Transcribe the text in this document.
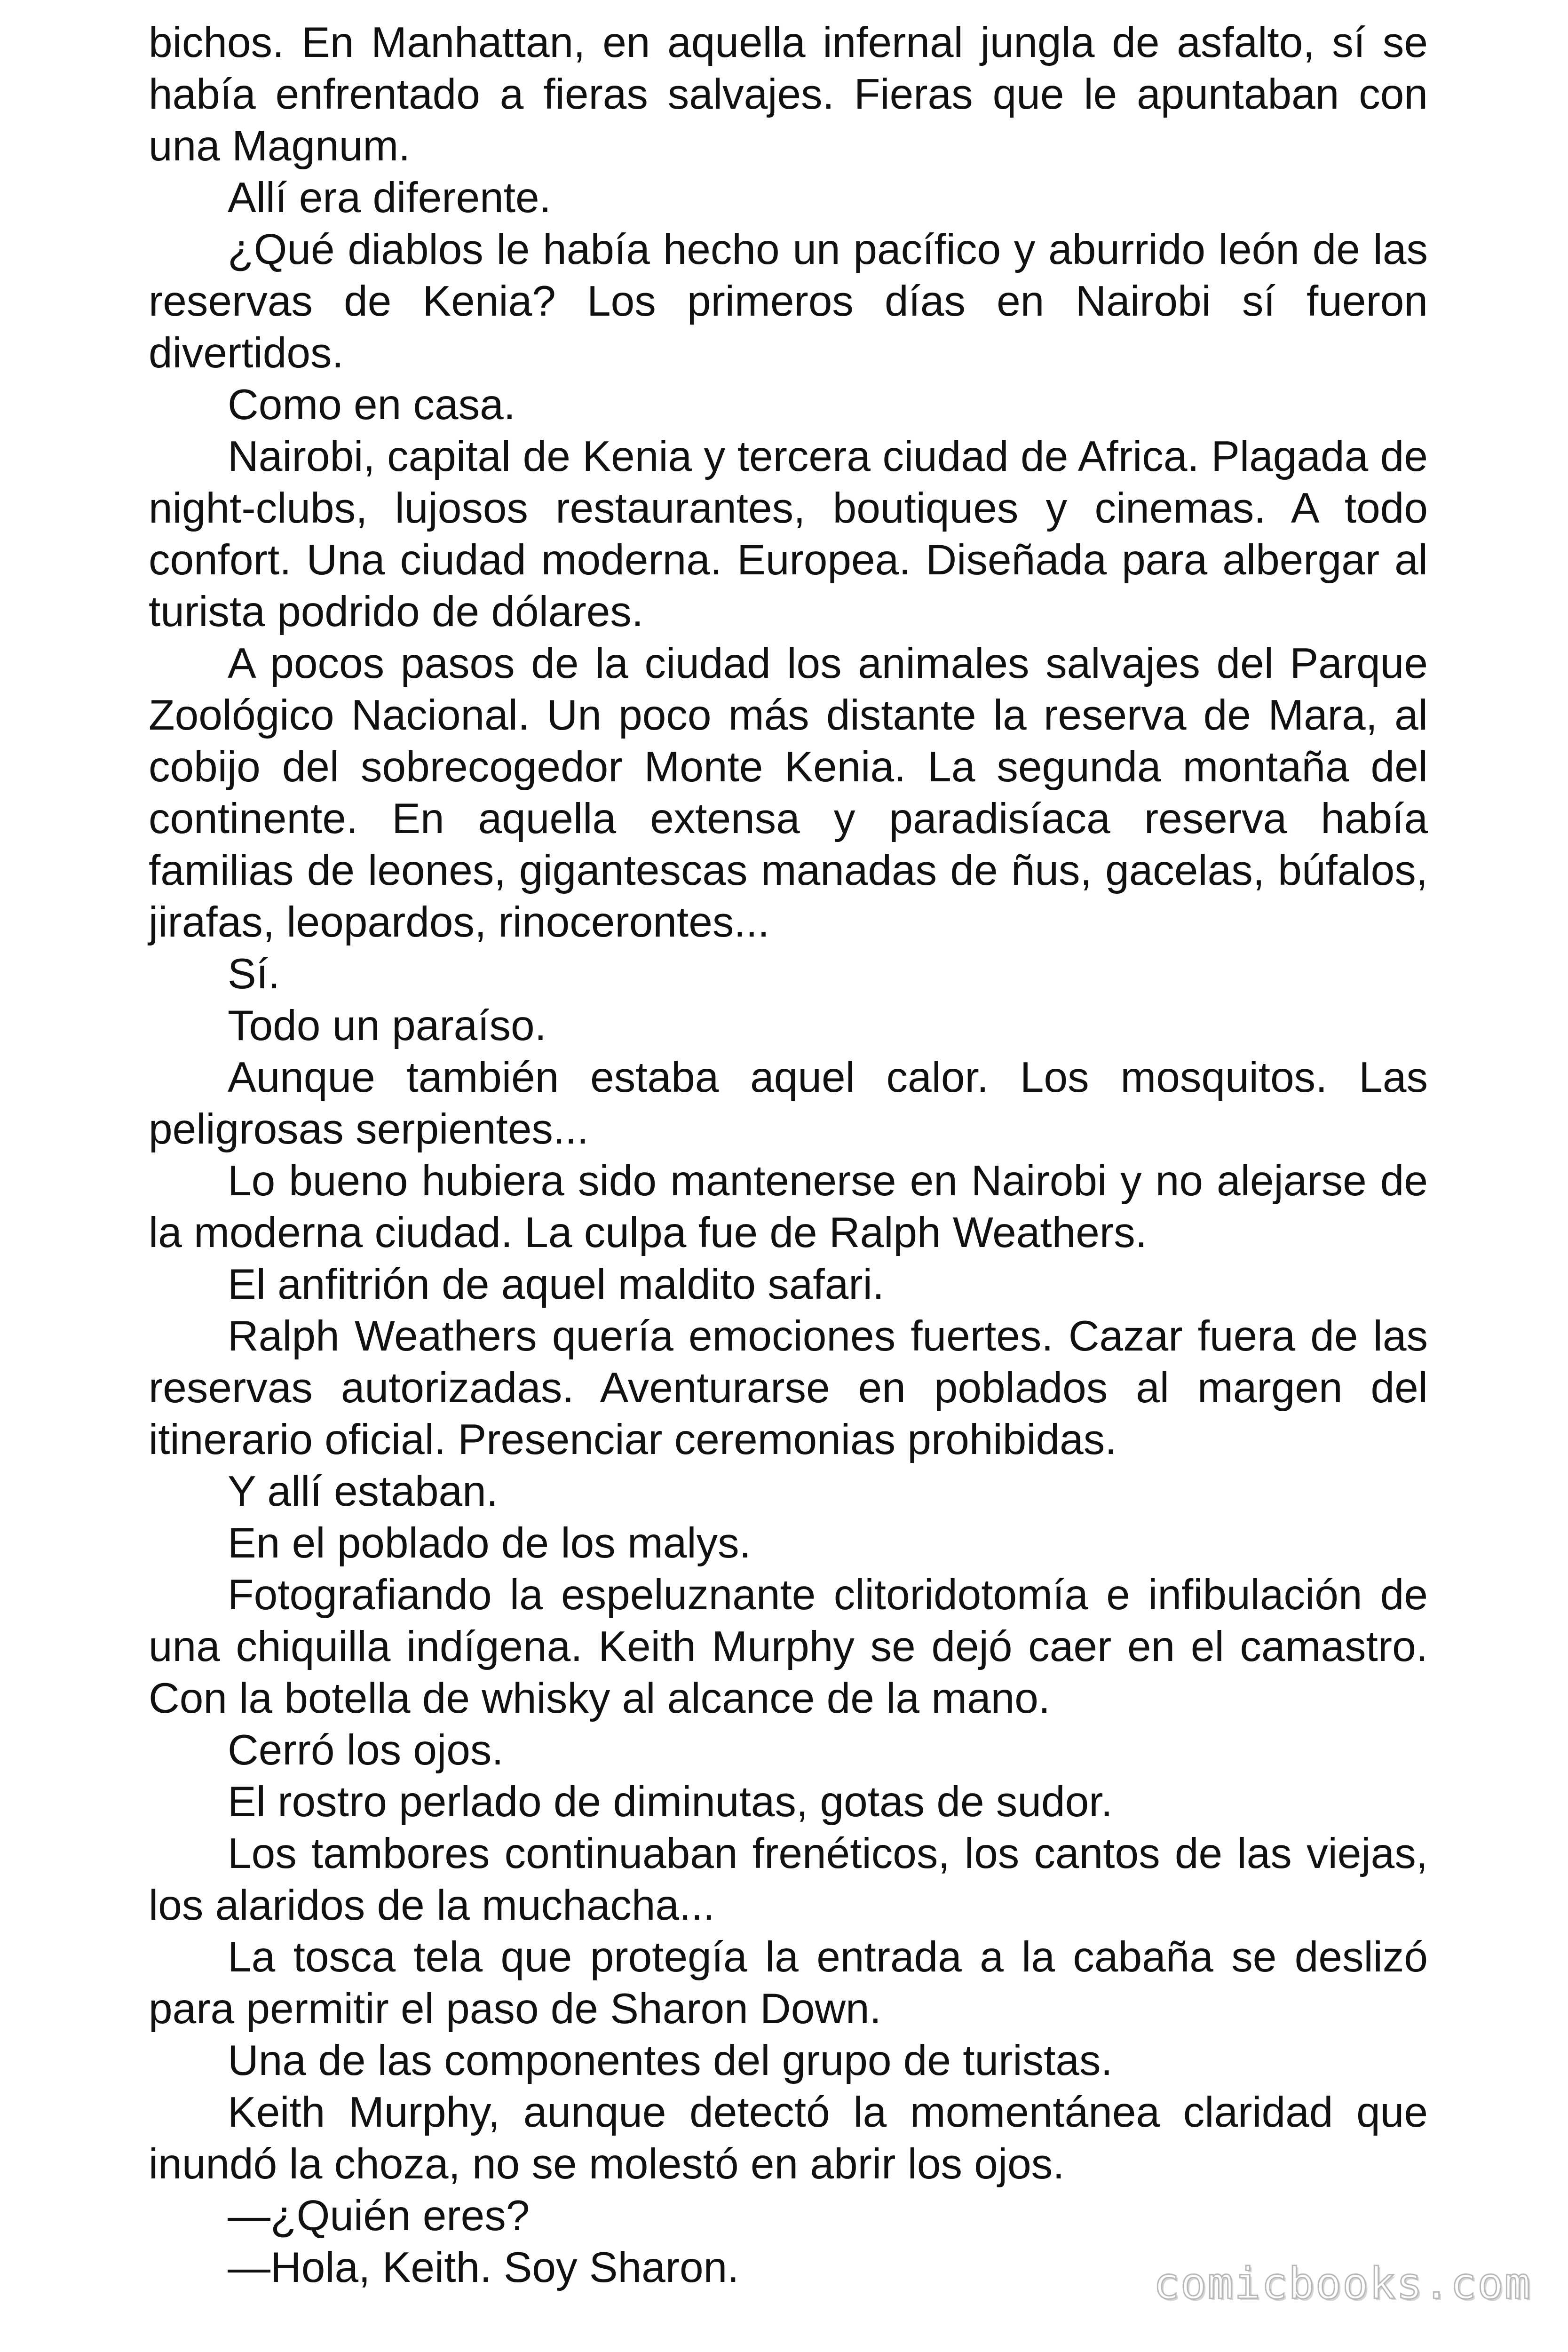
bichos. En Manhattan, en aquella infernal jungla de asfalto, sí se había enfrentado a fieras salvajes. Fieras que le apuntaban con una Magnum.

Allí era diferente.

¿Qué diablos le había hecho un pacífico y aburrido león de las reservas de Kenia? Los primeros días en Nairobi sí fueron divertidos.

Como en casa.

Nairobi, capital de Kenia y tercera ciudad de Africa. Plagada de night-clubs, lujosos restaurantes, boutiques y cinemas. A todo confort. Una ciudad moderna. Europea. Diseñada para albergar al turista podrido de dólares.

A pocos pasos de la ciudad los animales salvajes del Parque Zoológico Nacional. Un poco más distante la reserva de Mara, al cobijo del sobrecogedor Monte Kenia. La segunda montaña del continente. En aquella extensa y paradisíaca reserva había familias de leones, gigantescas manadas de ñus, gacelas, búfalos, jirafas, leopardos, rinocerontes...

Sí.

Todo un paraíso.

Aunque también estaba aquel calor. Los mosquitos. Las peligrosas serpientes...

Lo bueno hubiera sido mantenerse en Nairobi y no alejarse de la moderna ciudad. La culpa fue de Ralph Weathers.

El anfitrión de aquel maldito safari.

Ralph Weathers quería emociones fuertes. Cazar fuera de las reservas autorizadas. Aventurarse en poblados al margen del itinerario oficial. Presenciar ceremonias prohibidas.

Y allí estaban.

En el poblado de los malys.

Fotografiando la espeluznante clitoridotomía e infibulación de una chiquilla indígena. Keith Murphy se dejó caer en el camastro. Con la botella de whisky al alcance de la mano.

Cerró los ojos.

El rostro perlado de diminutas, gotas de sudor.

Los tambores continuaban frenéticos, los cantos de las viejas, los alaridos de la muchacha...

La tosca tela que protegía la entrada a la cabaña se deslizó para permitir el paso de Sharon Down.

Una de las componentes del grupo de turistas.

Keith Murphy, aunque detectó la momentánea claridad que inundó la choza, no se molestó en abrir los ojos.

—¿Quién eres?

—Hola, Keith. Soy Sharon.	comicbooks.com
